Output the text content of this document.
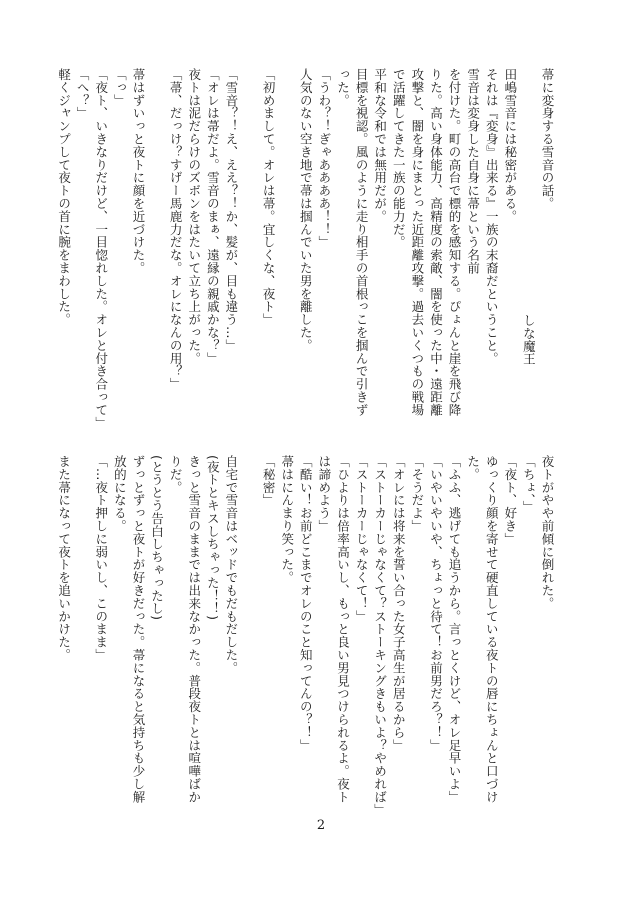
菷に変身する雪音の話。
しな魔王
田嶋雪音には秘密がある。
それは『変身』出来る』一族の末裔だということ。
雪音は変身した自身に菷という名前
を付けた。町の高台で標的を感知する。ぴょんと崖を飛び降
りた。高い身体能力、高精度の索敵、闇を使った中・遠距離
攻撃と、闇を身にまとった近距離攻撃。過去いくつもの戦場
で活躍してきた一族の能力だ。
平和な令和では無用だが。
目標を視認。風のように走り相手の首根っこを掴んで引きず
った。
「うわ？！ぎゃああああ！！」
人気のない空き地で菷は掴んでいた男を離した。
「初めまして。オレは菷。宜しくな、夜ト」
「雪音？！え、ええ？！か、髪が、目も違う…」
「オレは菷だよ。雪音のまぁ、遠縁の親戚かな？」
夜トは泥だらけのズボンをはたいて立ち上がった。
「菷、だっけ？すげー馬鹿力だな。オレになんの用？」
菷はずいっと夜トに顔を近づけた。
「っ」
「夜ト、いきなりだけど、一目惚れした。オレと付き合って」
「へ？」
軽くジャンプして夜トの首に腕をまわした。
夜トがやや前傾に倒れた。
「ちょ、」
「夜ト、好き」
ゆっくり顔を寄せて硬直している夜トの唇にちょんと口づけ
た。
「ふふ、逃げても追うから。言っとくけど、オレ足早いよ」
「いやいやいや、ちょっと待て！お前男だろ？！」
「そうだよ」
「オレには将来を誓い合った女子高生が居るから」
「ストーカーじゃなくて？ストーキングきもいよ？やめれば」
「ストーカーじゃなくて！」
「ひよりは倍率高いし、もっと良い男見つけられるよ。夜ト
は諦めよう」
「酷い！お前どこまでオレのこと知ってんの？！」
菷はにんまり笑った。
「秘密」
自宅で雪音はベッドでもだもだした。
(夜トとキスしちゃった！！)
きっと雪音のままでは出来なかった。普段夜トとは喧嘩ばか
りだ。
(とうとう告白しちゃったし)
ずっとずっと夜トが好きだった。菷になると気持ちも少し解
放的になる。
「…夜ト押しに弱いし、このまま」
また菷になって夜トを追いかけた。
2
